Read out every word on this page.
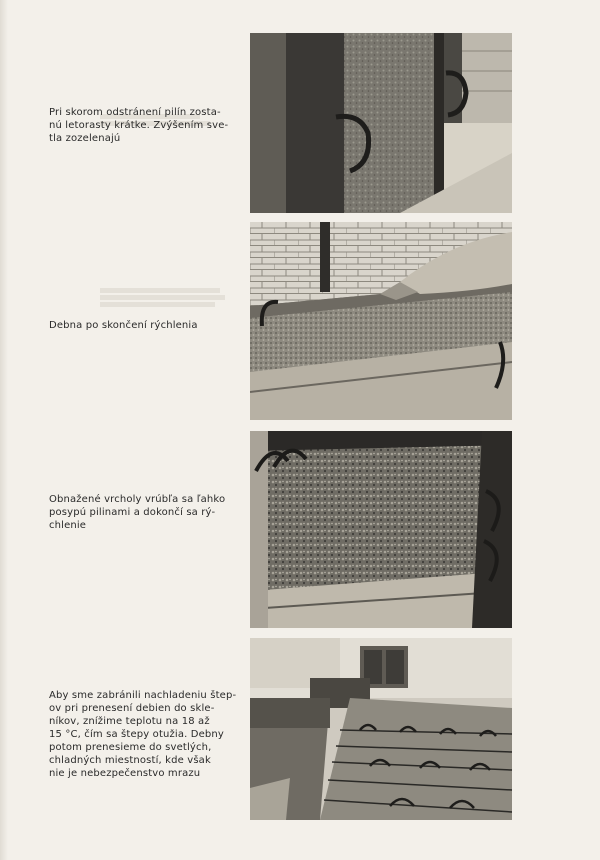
Pri skorom odstránení pilín zosta-
nú letorasty krátke. Zvýšením sve-
tla zozelenajú
Debna po skončení rýchlenia
Obnažené vrcholy vrúbľa sa ľahko
posypú pilinami a dokončí sa rý-
chlenie
Aby sme zabránili nachladeniu štep-
ov pri prenesení debien do skle-
níkov, znížime teplotu na 18 až
15 °C, čím sa štepy otužia. Debny
potom prenesieme do svetlých,
chladných miestností, kde však
nie je nebezpečenstvo mrazu
